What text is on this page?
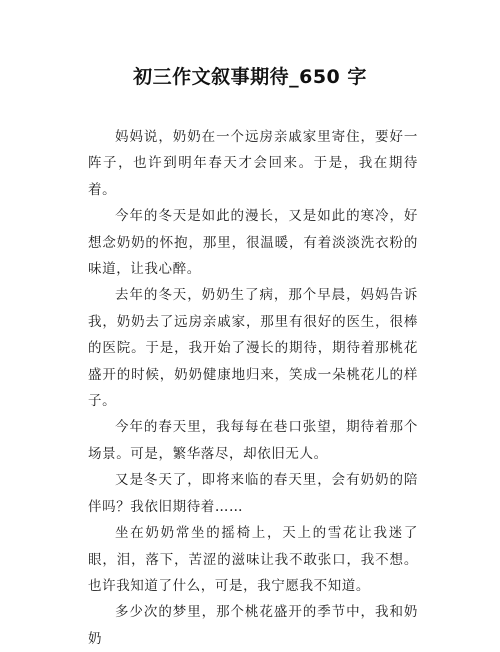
初三作文叙事期待_650 字

妈妈说，奶奶在一个远房亲戚家里寄住，要好一阵子，也许到明年春天才会回来。于是，我在期待着。

今年的冬天是如此的漫长，又是如此的寒冷，好想念奶奶的怀抱，那里，很温暖，有着淡淡洗衣粉的味道，让我心醉。

去年的冬天，奶奶生了病，那个早晨，妈妈告诉我，奶奶去了远房亲戚家，那里有很好的医生，很棒的医院。于是，我开始了漫长的期待，期待着那桃花盛开的时候，奶奶健康地归来，笑成一朵桃花儿的样子。

今年的春天里，我每每在巷口张望，期待着那个场景。可是，繁华落尽，却依旧无人。

又是冬天了，即将来临的春天里，会有奶奶的陪伴吗？我依旧期待着……

坐在奶奶常坐的摇椅上，天上的雪花让我迷了眼，泪，落下，苦涩的滋味让我不敢张口，我不想。也许我知道了什么，可是，我宁愿我不知道。

多少次的梦里，那个桃花盛开的季节中，我和奶奶
